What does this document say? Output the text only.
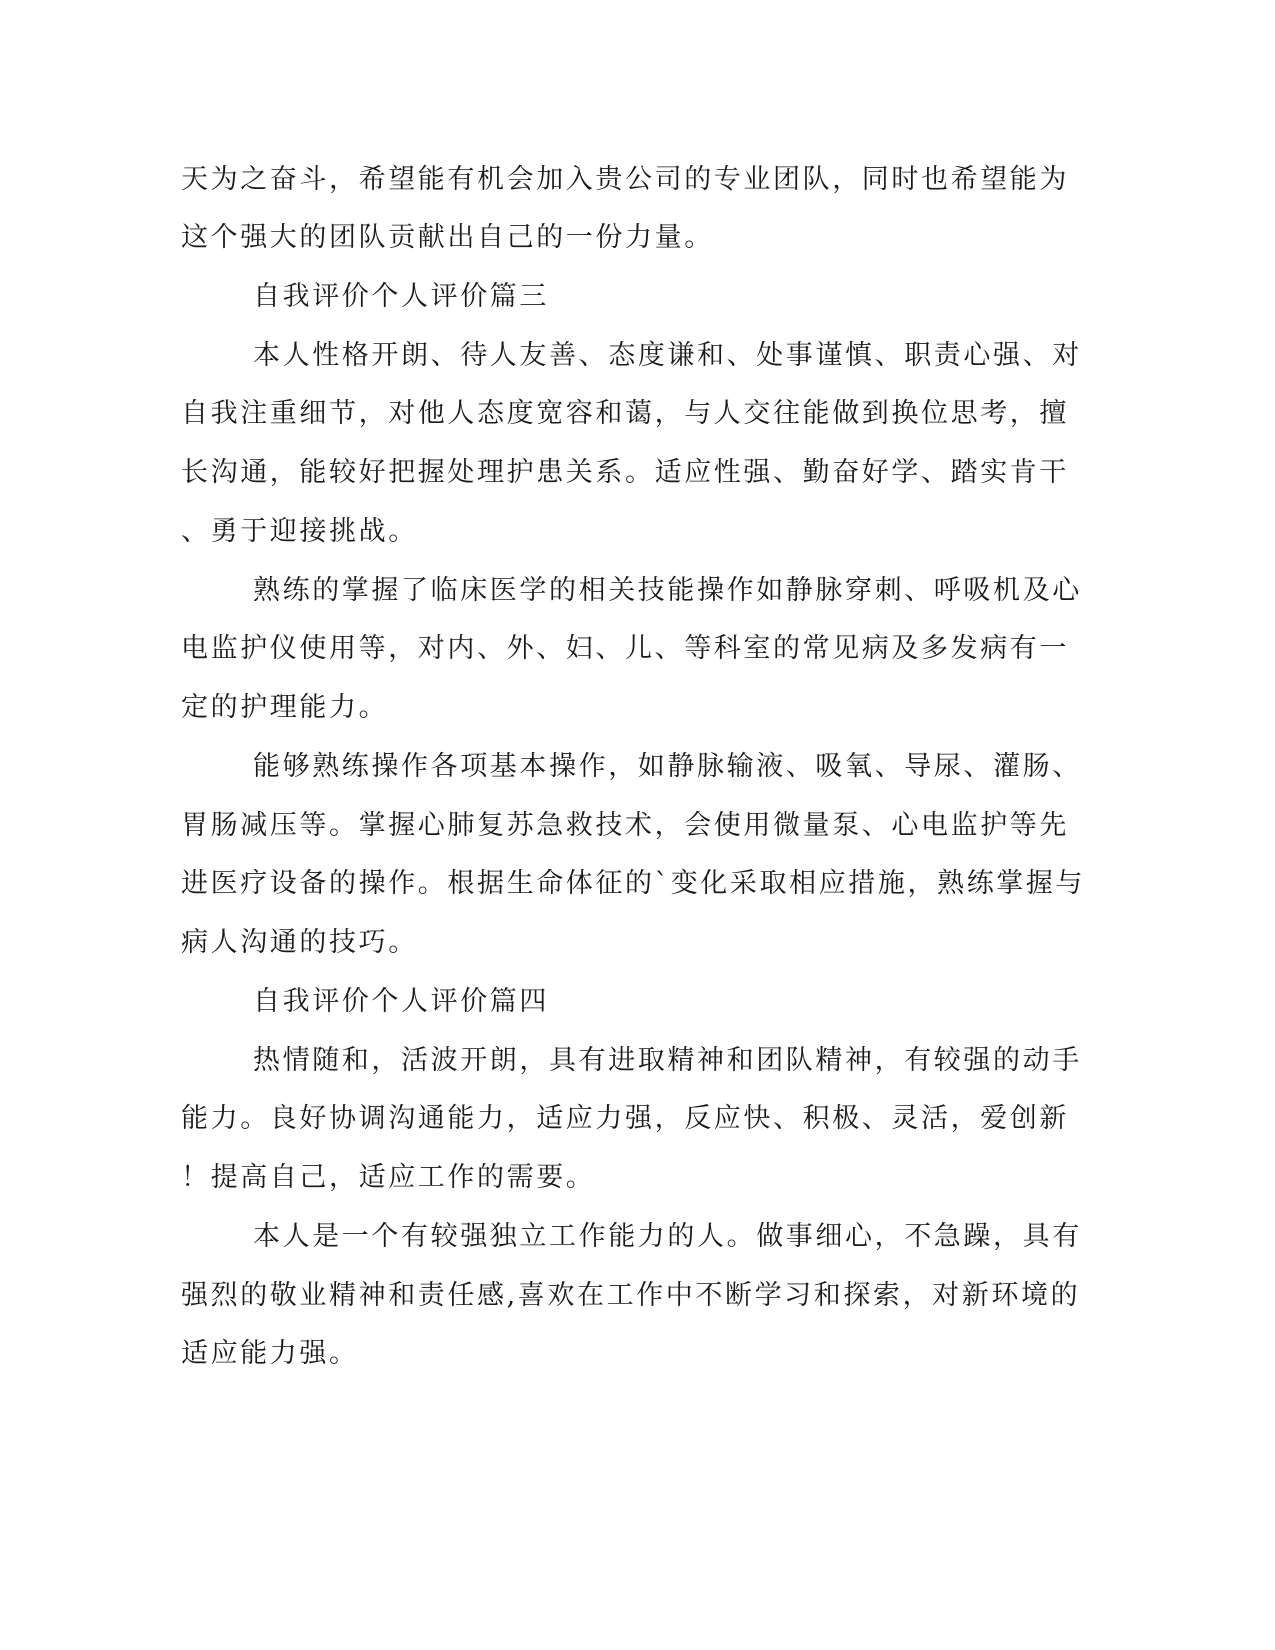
天为之奋斗，希望能有机会加入贵公司的专业团队，同时也希望能为
这个强大的团队贡献出自己的一份力量。
自我评价个人评价篇三
本人性格开朗、待人友善、态度谦和、处事谨慎、职责心强、对
自我注重细节，对他人态度宽容和蔼，与人交往能做到换位思考，擅
长沟通，能较好把握处理护患关系。适应性强、勤奋好学、踏实肯干
、勇于迎接挑战。
熟练的掌握了临床医学的相关技能操作如静脉穿刺、呼吸机及心
电监护仪使用等，对内、外、妇、儿、等科室的常见病及多发病有一
定的护理能力。
能够熟练操作各项基本操作，如静脉输液、吸氧、导尿、灌肠、
胃肠减压等。掌握心肺复苏急救技术，会使用微量泵、心电监护等先
进医疗设备的操作。根据生命体征的`变化采取相应措施，熟练掌握与
病人沟通的技巧。
自我评价个人评价篇四
热情随和，活波开朗，具有进取精神和团队精神，有较强的动手
能力。良好协调沟通能力，适应力强，反应快、积极、灵活，爱创新
！提高自己，适应工作的需要。
本人是一个有较强独立工作能力的人。做事细心，不急躁，具有
强烈的敬业精神和责任感,喜欢在工作中不断学习和探索，对新环境的
适应能力强。
